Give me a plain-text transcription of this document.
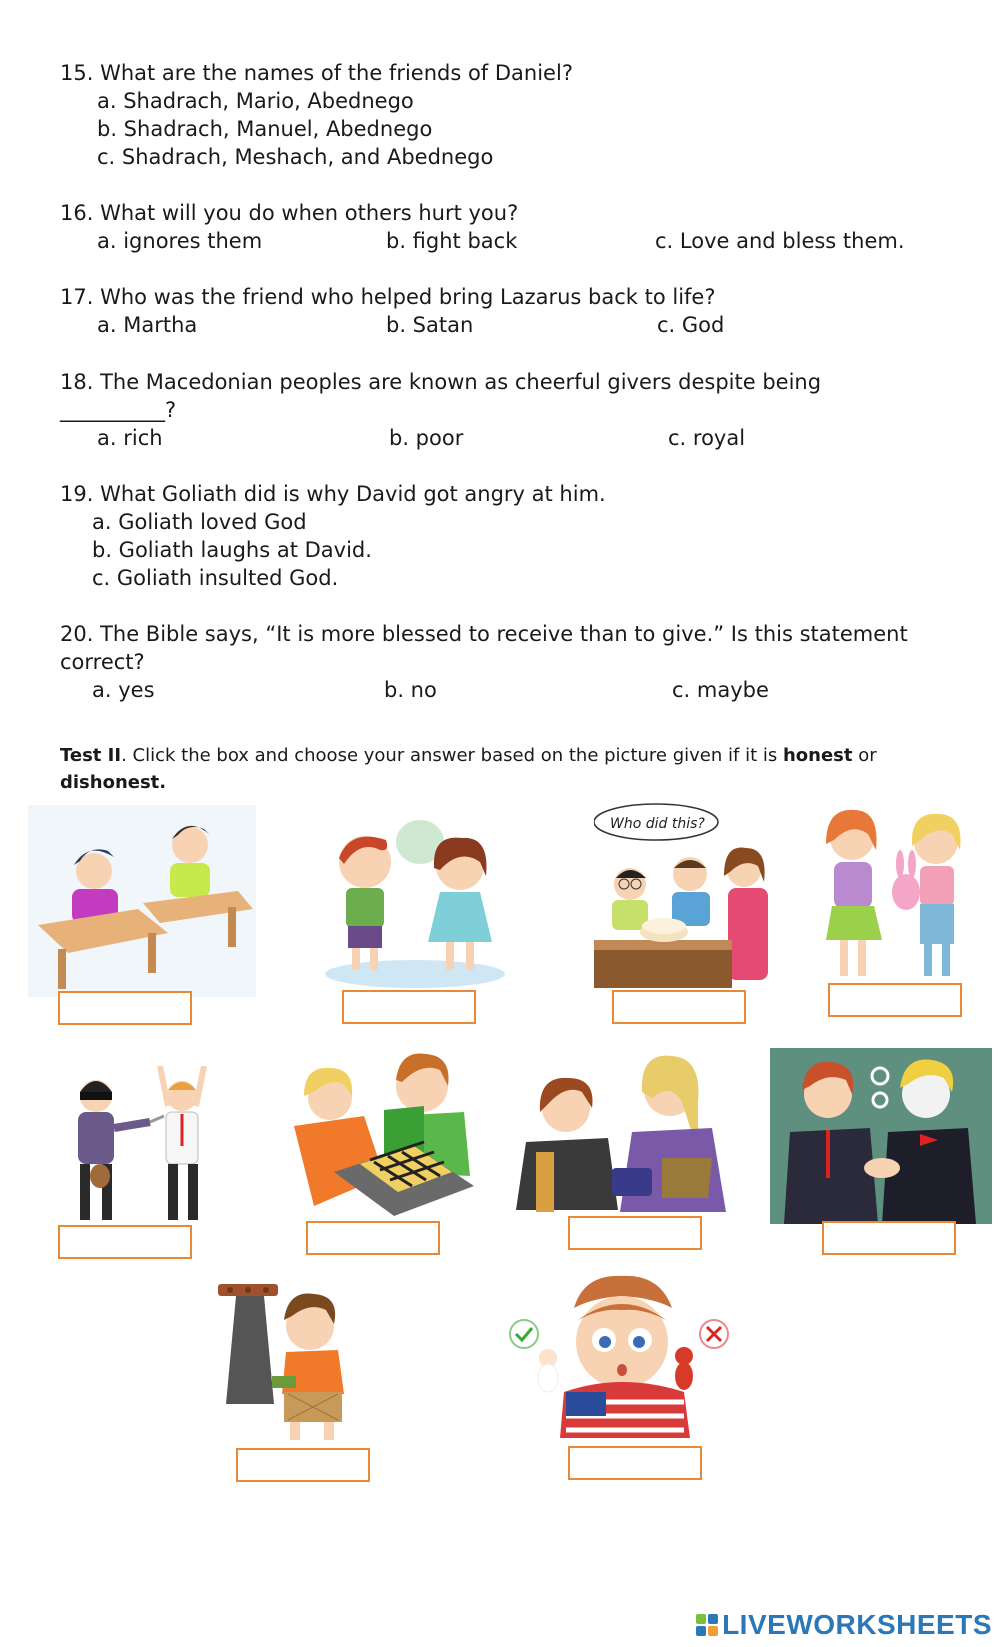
15. What are the names of the friends of Daniel?
a. Shadrach, Mario, Abednego
b. Shadrach, Manuel, Abednego
c. Shadrach, Meshach, and Abednego
16. What will you do when others hurt you?
a. ignores them	b. fight back	c. Love and bless them.
17. Who was the friend who helped bring Lazarus back to life?
a. Martha	b. Satan	c. God
18. The Macedonian peoples are known as cheerful givers despite being
__________?
a. rich	b. poor	c. royal
19. What Goliath did is why David got angry at him.
a. Goliath loved God
b. Goliath laughs at David.
c. Goliath insulted God.
20. The Bible says, “It is more blessed to receive than to give.” Is this statement
correct?
a. yes	b. no	c. maybe
Test II. Click the box and choose your answer based on the picture given if it is honest or
dishonest.
Who did this?
LIVEWORKSHEETS
